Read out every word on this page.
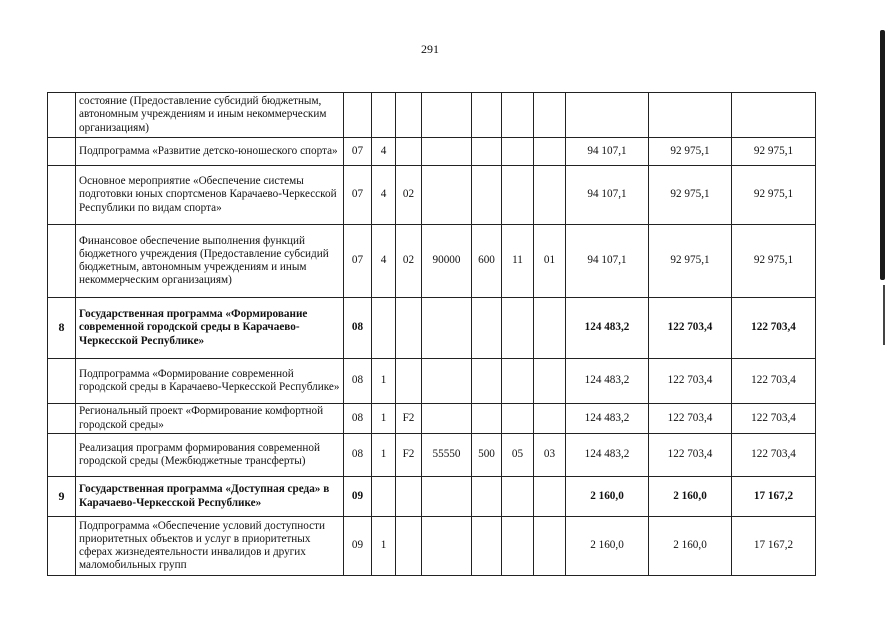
291
	состояние (Предоставление субсидий бюджетным, автономным учреждениям и иным некоммерческим организациям)										
	Подпрограмма «Развитие детско-юношеского спорта»	07	4						94 107,1	92 975,1	92 975,1
	Основное мероприятие «Обеспечение системы подготовки юных спортсменов Карачаево-Черкесской Республики по видам спорта»	07	4	02					94 107,1	92 975,1	92 975,1
	Финансовое обеспечение выполнения функций бюджетного учреждения (Предоставление субсидий бюджетным, автономным учреждениям и иным некоммерческим организациям)	07	4	02	90000	600	11	01	94 107,1	92 975,1	92 975,1
8	Государственная программа «Формирование современной городской среды в Карачаево-Черкесской Республике»	08							124 483,2	122 703,4	122 703,4
	Подпрограмма «Формирование современной городской среды в Карачаево-Черкесской Республике»	08	1						124 483,2	122 703,4	122 703,4
	Региональный проект «Формирование комфортной городской среды»	08	1	F2					124 483,2	122 703,4	122 703,4
	Реализация программ формирования современной городской среды (Межбюджетные трансферты)	08	1	F2	55550	500	05	03	124 483,2	122 703,4	122 703,4
9	Государственная программа «Доступная среда» в Карачаево-Черкесской Республике»	09							2 160,0	2 160,0	17 167,2
	Подпрограмма «Обеспечение условий доступности приоритетных объектов и услуг в приоритетных сферах жизнедеятельности инвалидов и других маломобильных групп	09	1						2 160,0	2 160,0	17 167,2
